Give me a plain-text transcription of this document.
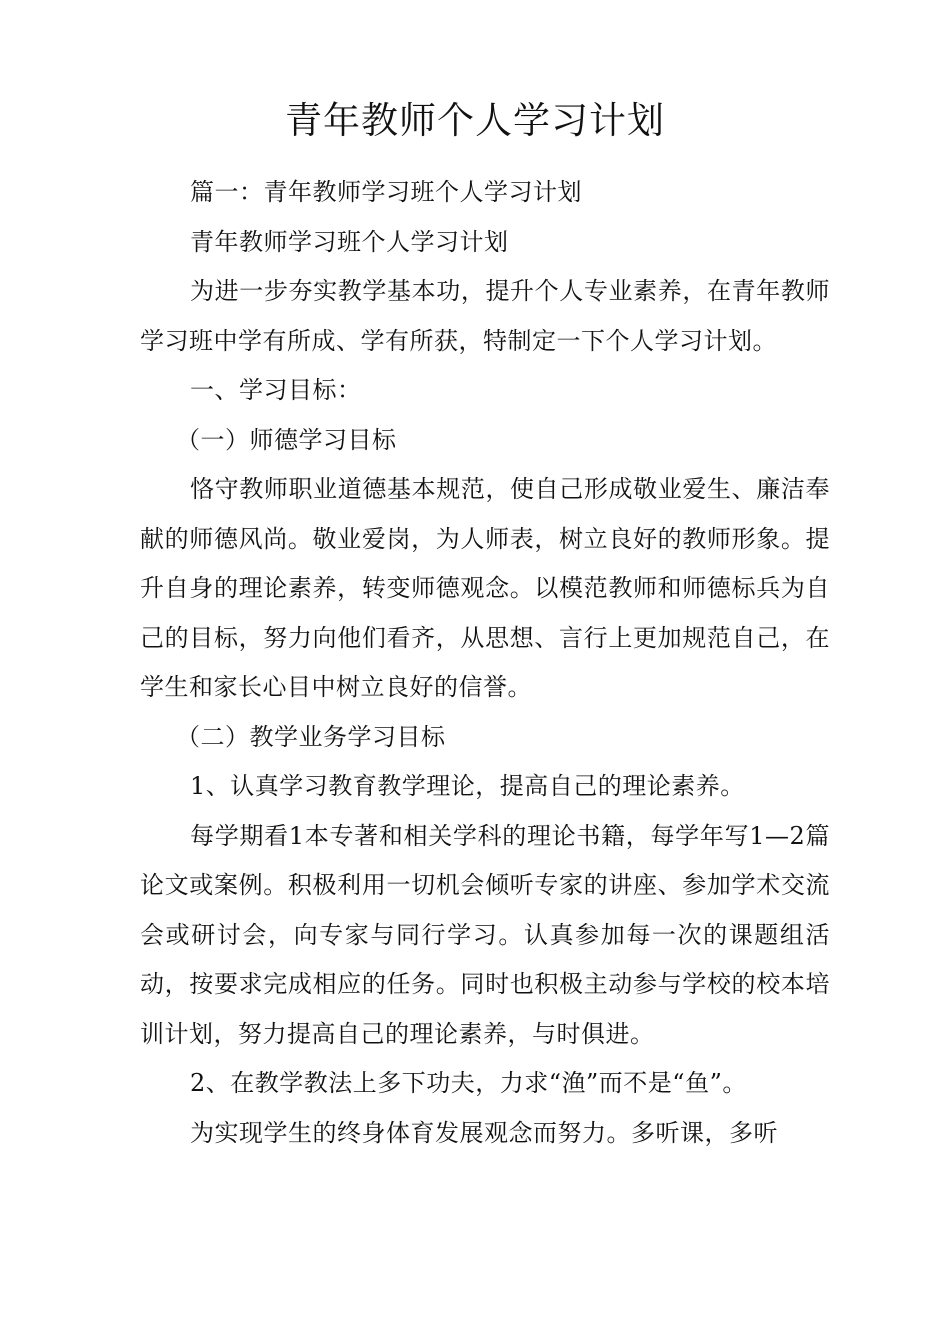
青年教师个人学习计划

篇一：青年教师学习班个人学习计划

青年教师学习班个人学习计划

为进一步夯实教学基本功，提升个人专业素养，在青年教师学习班中学有所成、学有所获，特制定一下个人学习计划。

一、学习目标：

（一）师德学习目标

恪守教师职业道德基本规范，使自己形成敬业爱生、廉洁奉献的师德风尚。敬业爱岗，为人师表，树立良好的教师形象。提升自身的理论素养，转变师德观念。以模范教师和师德标兵为自己的目标，努力向他们看齐，从思想、言行上更加规范自己，在学生和家长心目中树立良好的信誉。

（二）教学业务学习目标

1、认真学习教育教学理论，提高自己的理论素养。

每学期看1本专著和相关学科的理论书籍，每学年写1—2篇论文或案例。积极利用一切机会倾听专家的讲座、参加学术交流会或研讨会，向专家与同行学习。认真参加每一次的课题组活动，按要求完成相应的任务。同时也积极主动参与学校的校本培训计划，努力提高自己的理论素养，与时俱进。

2、在教学教法上多下功夫，力求“渔”而不是“鱼”。

为实现学生的终身体育发展观念而努力。多听课，多听
